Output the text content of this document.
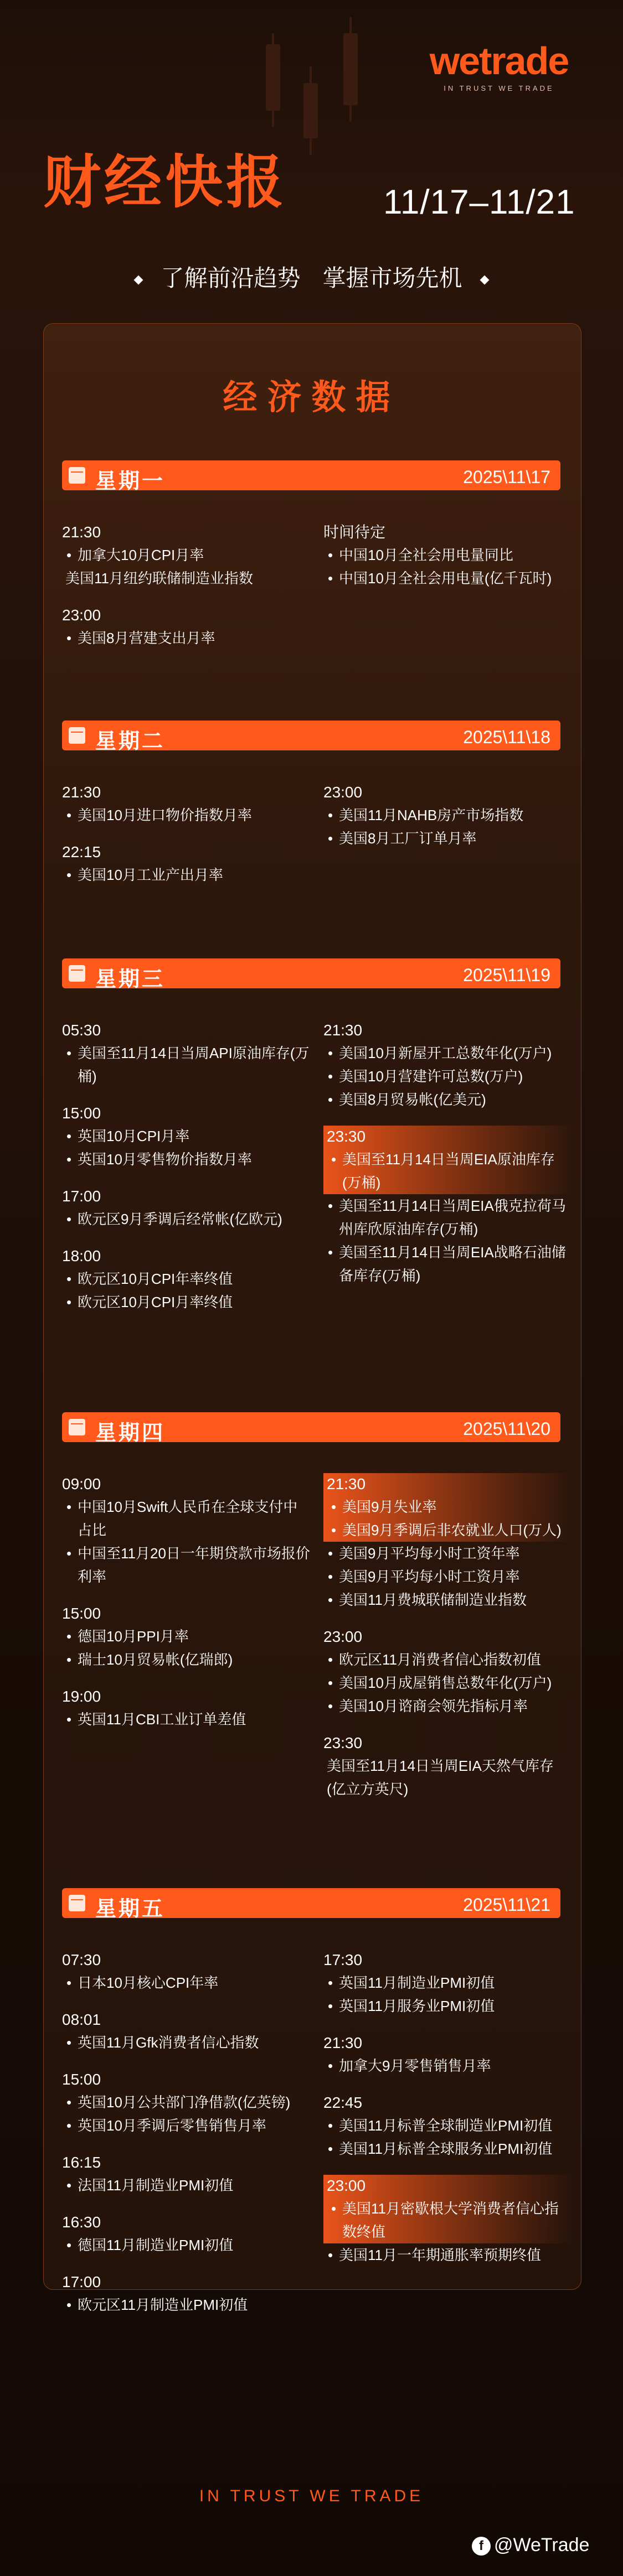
wetrade
IN TRUST WE TRADE
财经快报	11/17–11/21
了解前沿趋势 掌握市场先机
经济数据
星期一	2025\11\17
21:30
• 加拿大10月CPI月率
美国11月纽约联储制造业指数
23:00
• 美国8月营建支出月率
时间待定
• 中国10月全社会用电量同比
• 中国10月全社会用电量(亿千瓦时)
星期二	2025\11\18
21:30
• 美国10月进口物价指数月率
22:15
• 美国10月工业产出月率
23:00
• 美国11月NAHB房产市场指数
• 美国8月工厂订单月率
星期三	2025\11\19
05:30
• 美国至11月14日当周API原油库存(万桶)
15:00
• 英国10月CPI月率
• 英国10月零售物价指数月率
17:00
• 欧元区9月季调后经常帐(亿欧元)
18:00
• 欧元区10月CPI年率终值
• 欧元区10月CPI月率终值
21:30
• 美国10月新屋开工总数年化(万户)
• 美国10月营建许可总数(万户)
• 美国8月贸易帐(亿美元)
23:30
• 美国至11月14日当周EIA原油库存(万桶)
• 美国至11月14日当周EIA俄克拉荷马州库欣原油库存(万桶)
• 美国至11月14日当周EIA战略石油储备库存(万桶)
星期四	2025\11\20
09:00
• 中国10月Swift人民币在全球支付中占比
• 中国至11月20日一年期贷款市场报价利率
15:00
• 德国10月PPI月率
• 瑞士10月贸易帐(亿瑞郎)
19:00
• 英国11月CBI工业订单差值
21:30
• 美国9月失业率
• 美国9月季调后非农就业人口(万人)
• 美国9月平均每小时工资年率
• 美国9月平均每小时工资月率
• 美国11月费城联储制造业指数
23:00
• 欧元区11月消费者信心指数初值
• 美国10月成屋销售总数年化(万户)
• 美国10月谘商会领先指标月率
23:30
美国至11月14日当周EIA天然气库存(亿立方英尺)
星期五	2025\11\21
07:30
• 日本10月核心CPI年率
08:01
• 英国11月Gfk消费者信心指数
15:00
• 英国10月公共部门净借款(亿英镑)
• 英国10月季调后零售销售月率
16:15
• 法国11月制造业PMI初值
16:30
• 德国11月制造业PMI初值
17:00
• 欧元区11月制造业PMI初值
17:30
• 英国11月制造业PMI初值
• 英国11月服务业PMI初值
21:30
• 加拿大9月零售销售月率
22:45
• 美国11月标普全球制造业PMI初值
• 美国11月标普全球服务业PMI初值
23:00
• 美国11月密歇根大学消费者信心指数终值
• 美国11月一年期通胀率预期终值
IN TRUST WE TRADE
f @WeTrade
